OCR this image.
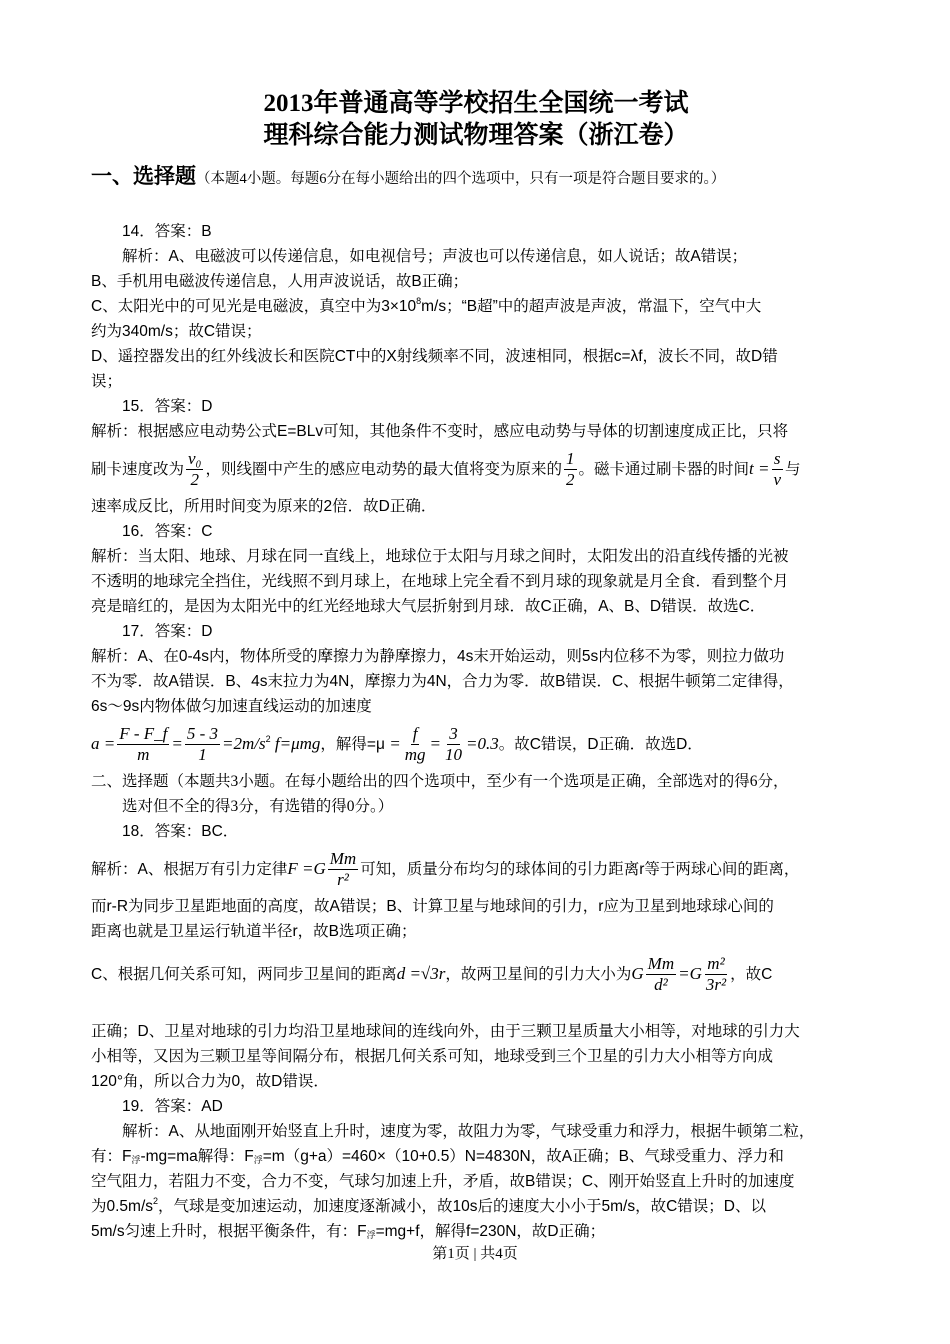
2013年普通高等学校招生全国统一考试
理科综合能力测试物理答案（浙江卷）
一、选择题（本题4小题。每题6分在每小题给出的四个选项中，只有一项是符合题目要求的。）
14．答案：B
解析：A、电磁波可以传递信息，如电视信号；声波也可以传递信息，如人说话；故A错误；
B、手机用电磁波传递信息，人用声波说话，故B正确；
C、太阳光中的可见光是电磁波，真空中为$3\times 10^8m/s$；“B超”中的超声波是声波，常温下，空气中大
约为340m/s；故C错误；
D、遥控器发出的红外线波长和医院CT中的X射线频率不同，波速相同，根据c=λf，波长不同，故D错
误；
15．答案：D
解析：根据感应电动势公式E=BLv可知，其他条件不变时，感应电动势与导体的切割速度成正比，只将
刷卡速度改为 $\frac{\text{v₀}}{2}$ ，则线圈中产生的感应电动势的最大值将变为原来的 $\frac{1}{2}$ 。磁卡通过刷卡器的时间$t = \frac{s}{v}$ 与
速率成反比，所用时间变为原来的2倍．故D正确．
16．答案：C
解析：当太阳、地球、月球在同一直线上，地球位于太阳与月球之间时，太阳发出的沿直线传播的光被
不透明的地球完全挡住，光线照不到月球上，在地球上完全看不到月球的现象就是月全食．看到整个月
亮是暗红的，是因为太阳光中的红光经地球大气层折射到月球．故C正确，A、B、D错误．故选C．
17．答案：D
解析：A、在0-4s内，物体所受的摩擦力为静摩擦力，4s末开始运动，则5s内位移不为零，则拉力做功
不为零．故A错误．B、4s末拉力为4N，摩擦力为4N，合力为零．故B错误．C、根据牛顿第二定律得，
6s～9s内物体做匀加速直线运动的加速度
$a = \frac{F - F\_f}{m} = \frac{5 - 3}{1} =2m/s^2$ f=μmg，解得$=\mu = \frac{f}{mg} = \frac{3}{10} =0.3$。故C错误，D正确．故选D．
二、选择题（本题共3小题。在每小题给出的四个选项中，至少有一个选项是正确，全部选对的得6分，
选对但不全的得3分，有选错的得0分。）
18．答案：BC．
解析：A、根据万有引力定律$F =G \frac{Mm}{\text{r²}}$ 可知，质量分布均匀的球体间的引力距离r等于两球心间的距离，
而r-R为同步卫星距地面的高度，故A错误；B、计算卫星与地球间的引力，r应为卫星到地球球心间的
距离也就是卫星运行轨道半径r，故B选项正确；
C、根据几何关系可知，两同步卫星间的距离d =√3r，故两卫星间的引力大小为G $\frac{Mm}{\text{d²}} =G \frac{\text{m²}}{\text{3r²}}$ ，故C
正确；D、卫星对地球的引力均沿卫星地球间的连线向外，由于三颗卫星质量大小相等，对地球的引力大
小相等，又因为三颗卫星等间隔分布，根据几何关系可知，地球受到三个卫星的引力大小相等方向成
120°角，所以合力为0，故D错误．
19．答案：AD
解析：A、从地面刚开始竖直上升时，速度为零，故阻力为零，气球受重力和浮力，根据牛顿第二粒，
有：$F_浮-mg=ma$解得：$F_浮=m(g+a)=460\times(10+0.5)N=4830N$，故A正确；B、气球受重力、浮力和
空气阻力，若阻力不变，合力不变，气球匀加速上升，矛盾，故B错误；C、刚开始竖直上升时的加速度
为$0.5m/s^2$，气球是变加速运动，加速度逐渐减小，故10s后的速度大小小于5m/s，故C错误；D、以
5m/s匀速上升时，根据平衡条件，有：$F_浮=mg+f$，解得f=230N，故D正确；
第1页 | 共4页
